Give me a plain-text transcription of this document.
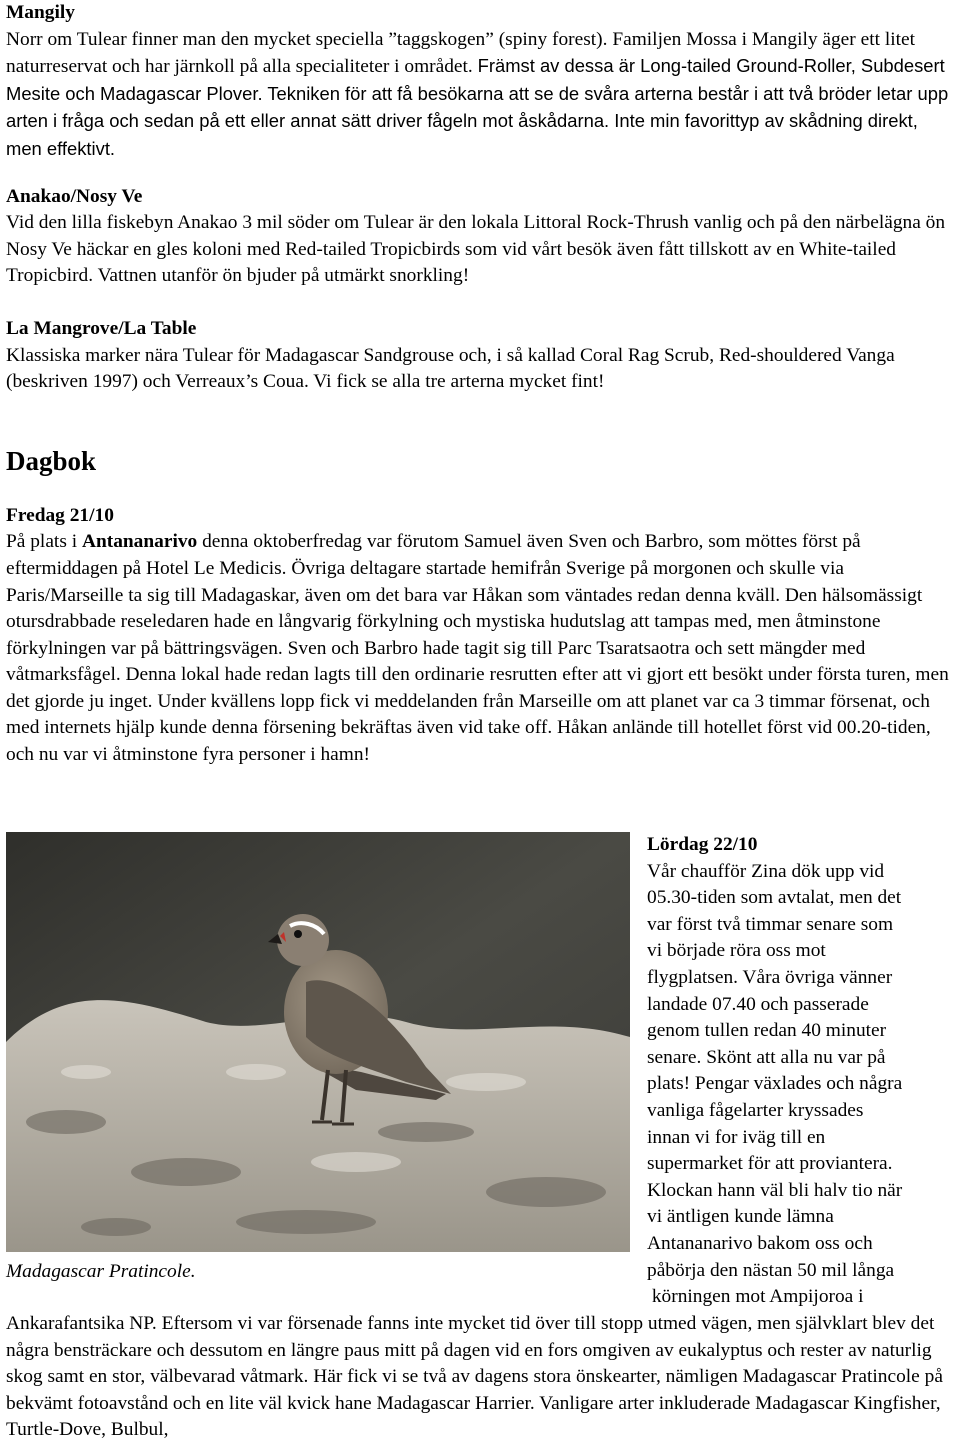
Mangily

Norr om Tulear finner man den mycket speciella ”taggskogen” (spiny forest). Familjen Mossa i Mangily äger ett litet naturreservat och har järnkoll på alla specialiteter i området. Främst av dessa är Long-tailed Ground-Roller, Subdesert Mesite och Madagascar Plover. Tekniken för att få besökarna att se de svåra arterna består i att två bröder letar upp arten i fråga och sedan på ett eller annat sätt driver fågeln mot åskådarna. Inte min favorittyp av skådning direkt, men effektivt.

Anakao/Nosy Ve

Vid den lilla fiskebyn Anakao 3 mil söder om Tulear är den lokala Littoral Rock-Thrush vanlig och på den närbelägna ön Nosy Ve häckar en gles koloni med Red-tailed Tropicbirds som vid vårt besök även fått tillskott av en White-tailed Tropicbird. Vattnen utanför ön bjuder på utmärkt snorkling!

La Mangrove/La Table

Klassiska marker nära Tulear för Madagascar Sandgrouse och, i så kallad Coral Rag Scrub, Red-shouldered Vanga (beskriven 1997) och Verreaux’s Coua. Vi fick se alla tre arterna mycket fint!

Dagbok

Fredag 21/10

På plats i Antananarivo denna oktoberfredag var förutom Samuel även Sven och Barbro, som möttes först på eftermiddagen på Hotel Le Medicis. Övriga deltagare startade hemifrån Sverige på morgonen och skulle via Paris/Marseille ta sig till Madagaskar, även om det bara var Håkan som väntades redan denna kväll. Den hälsomässigt otursdrabbade reseledaren hade en långvarig förkylning och mystiska hudutslag att tampas med, men åtminstone förkylningen var på bättringsvägen. Sven och Barbro hade tagit sig till Parc Tsaratsaotra och sett mängder med våtmarksfågel. Denna lokal hade redan lagts till den ordinarie resrutten efter att vi gjort ett besökt under första turen, men det gjorde ju inget. Under kvällens lopp fick vi meddelanden från Marseille om att planet var ca 3 timmar försenat, och med internets hjälp kunde denna försening bekräftas även vid take off. Håkan anlände till hotellet först vid 00.20-tiden, och nu var vi åtminstone fyra personer i hamn!

Madagascar Pratincole.

Lördag 22/10

Vår chaufför Zina dök upp vid
05.30-tiden som avtalat, men det
var först två timmar senare som
vi började röra oss mot
flygplatsen. Våra övriga vänner
landade 07.40 och passerade
genom tullen redan 40 minuter
senare. Skönt att alla nu var på
plats! Pengar växlades och några
vanliga fågelarter kryssades
innan vi for iväg till en
supermarket för att proviantera.
Klockan hann väl bli halv tio när
vi äntligen kunde lämna
Antananarivo bakom oss och
påbörja den nästan 50 mil långa
körningen mot Ampijoroa i
Ankarafantsika NP. Eftersom vi var försenade fanns inte mycket tid över till stopp utmed vägen, men självklart blev det några bensträckare och dessutom en längre paus mitt på dagen vid en fors omgiven av eukalyptus och rester av naturlig skog samt en stor, välbevarad våtmark. Här fick vi se två av dagens stora önskearter, nämligen Madagascar Pratincole på bekvämt fotoavstånd och en lite väl kvick hane Madagascar Harrier. Vanligare arter inkluderade Madagascar Kingfisher, Turtle-Dove, Bulbul,
